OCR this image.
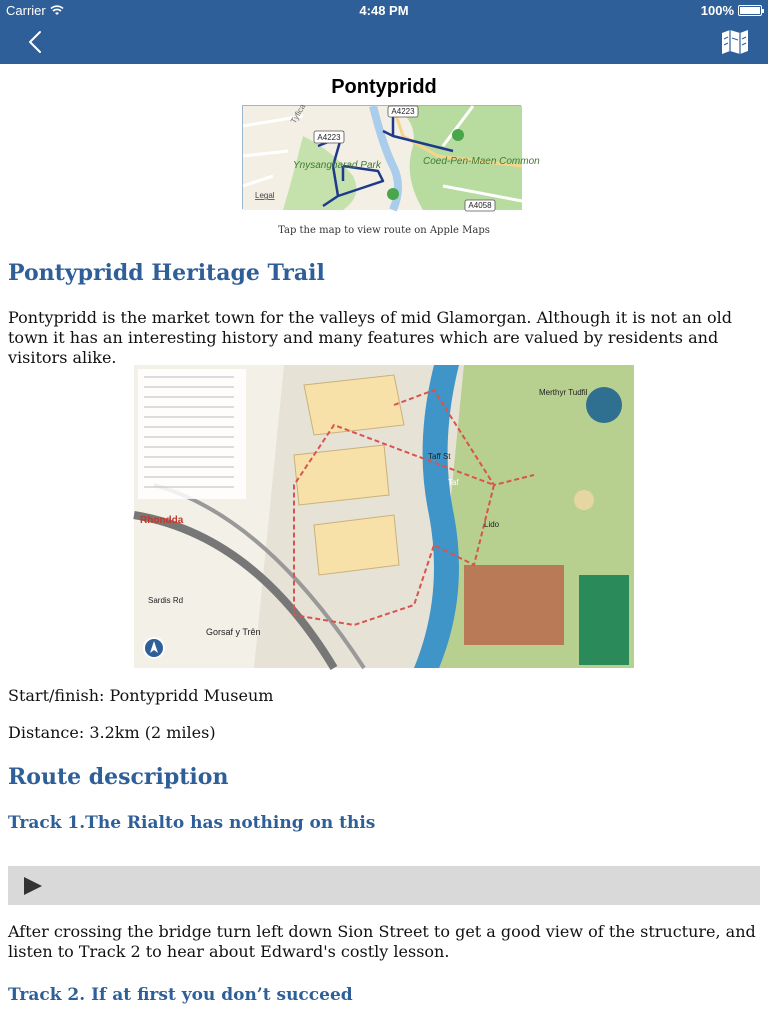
Carrier	4:48 PM	100%
Pontypridd
A4223
A4223
A4058
Ynysangharad Park	Coed-Pen-Maen Common
Tyfica
Legal
Tap the map to view route on Apple Maps
Pontypridd Heritage Trail
Pontypridd is the market town for the valleys of mid Glamorgan. Although it is not an old town it has an interesting history and many features which are valued by residents and visitors alike.
Gorsaf y Trên
Rhondda
Sardis Rd
Taff St
Merthyr Tudfil
Taf
Lido
Start/finish: Pontypridd Museum
Distance: 3.2km (2 miles)
Route description
Track 1.The Rialto has nothing on this
After crossing the bridge turn left down Sion Street to get a good view of the structure, and listen to Track 2 to hear about Edward's costly lesson.
Track 2. If at first you don’t succeed
